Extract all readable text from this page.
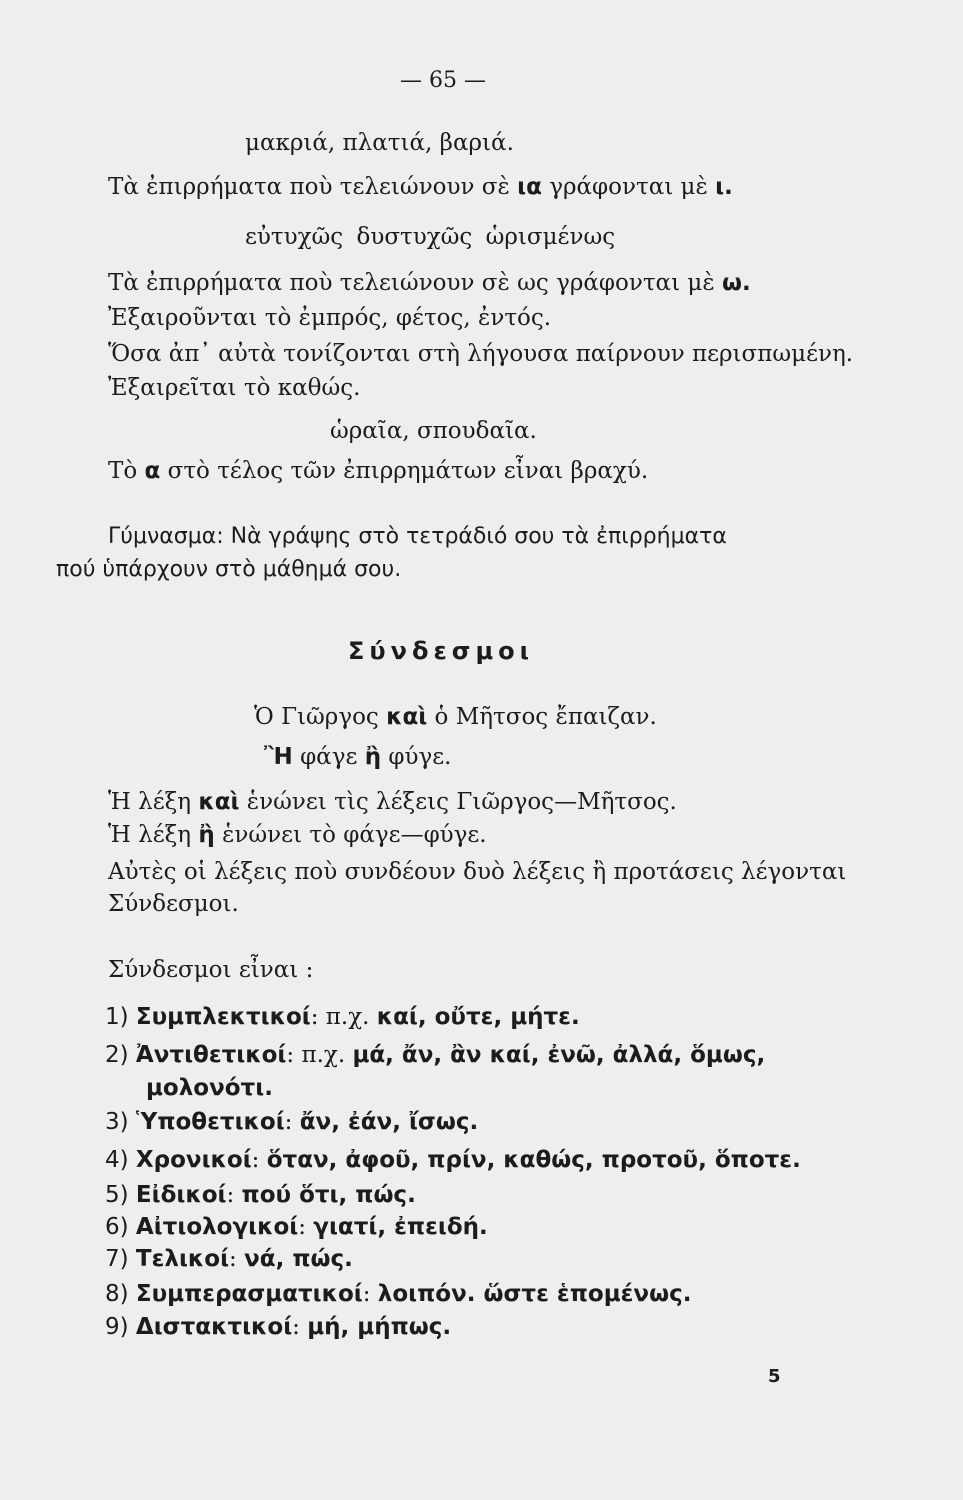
— 65 —
μακριά, πλατιά, βαριά.
Τὰ ἐπιρρήματα ποὺ τελειώνουν σὲ ια γράφονται μὲ ι.
εὐτυχῶς δυστυχῶς ὡρισμένως
Τὰ ἐπιρρήματα ποὺ τελειώνουν σὲ ως γράφονται μὲ ω.
Ἐξαιροῦνται τὸ ἐμπρός, φέτος, ἐντός.
Ὅσα ἀπ᾽ αὐτὰ τονίζονται στὴ λήγουσα παίρνουν περισπωμένη.
Ἐξαιρεῖται τὸ καθώς.
ὡραῖα, σπουδαῖα.
Τὸ α στὸ τέλος τῶν ἐπιρρημάτων εἶναι βραχύ.
Γύμνασμα: Νὰ γράψης στὸ τετράδιό σου τὰ ἐπιρρήματα
πού ὑπάρχουν στὸ μάθημά σου.
Σύνδεσμοι
Ὁ Γιῶργος καὶ ὁ Μῆτσος ἔπαιζαν.
Ἢ φάγε ἢ φύγε.
Ἡ λέξη καὶ ἑνώνει τὶς λέξεις Γιῶργος—Μῆτσος.
Ἡ λέξη ἢ ἑνώνει τὸ φάγε—φύγε.
Αὐτὲς οἱ λέξεις ποὺ συνδέουν δυὸ λέξεις ἢ προτάσεις λέγονται
Σύνδεσμοι.
Σύνδεσμοι εἶναι :
1) Συμπλεκτικοί: π.χ. καί, οὔτε, μήτε.
2) Ἀντιθετικοί: π.χ. μά, ἄν, ἂν καί, ἐνῶ, ἀλλά, ὅμως,
μολονότι.
3) Ὑποθετικοί: ἄν, ἐάν, ἴσως.
4) Χρονικοί: ὅταν, ἀφοῦ, πρίν, καθώς, προτοῦ, ὅποτε.
5) Εἰδικοί: πού ὅτι, πώς.
6) Αἰτιολογικοί: γιατί, ἐπειδή.
7) Τελικοί: νά, πώς.
8) Συμπερασματικοί: λοιπόν. ὥστε ἑπομένως.
9) Διστακτικοί: μή, μήπως.
5
